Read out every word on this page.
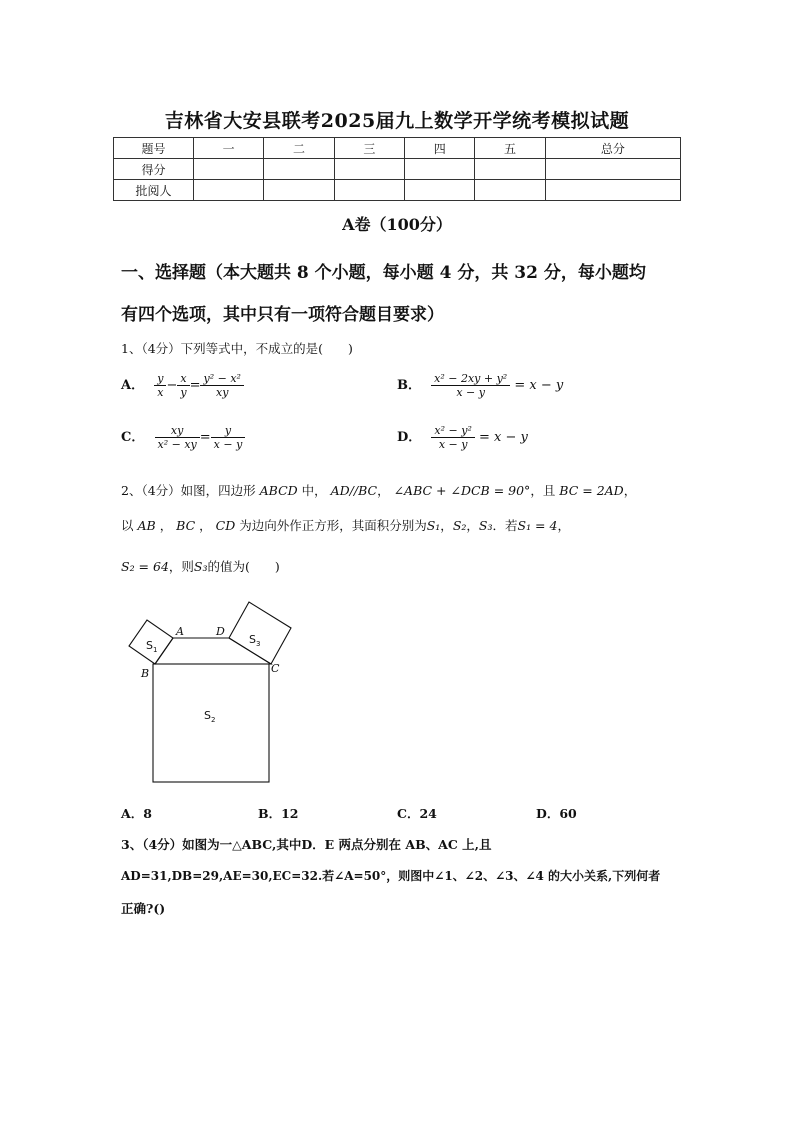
吉林省大安县联考2025届九上数学开学统考模拟试题
题号	一	二	三	四	五	总分
得分						
批阅人						
A卷（100分）
一、选择题（本大题共 8 个小题，每小题 4 分，共 32 分，每小题均
有四个选项，其中只有一项符合题目要求）
1、（4分）下列等式中，不成立的是(　　)
A． $\frac{y}{x} - \frac{x}{y} = \frac{\text{y² − x²}}{xy}$	B． $\frac{\text{x² − 2xy + y²}}{x - y} = x - y$
C． $\frac{xy}{\text{x² − xy}} = \frac{y}{x - y}$	D． $\frac{\text{x² − y²}}{x - y} = x - y$
2、（4分）如图，四边形 ABCD 中， AD//BC， ∠ABC + ∠DCB = 90°，且 BC = 2AD，
以 AB ， BC ， CD 为边向外作正方形，其面积分别为S₁，S₂，S₃．若S₁ = 4，
S₂ = 64，则S₃的值为(　　)
A	D
B	C
$S_1$
$S_3$
$S_2$
A．8	B．12	C．24	D．60
3、（4分）如图为一△ABC,其中D．E 两点分别在 AB、AC 上,且
AD=31,DB=29,AE=30,EC=32.若∠A=50°，则图中∠1、∠2、∠3、∠4 的大小关系,下列何者
正确?()
